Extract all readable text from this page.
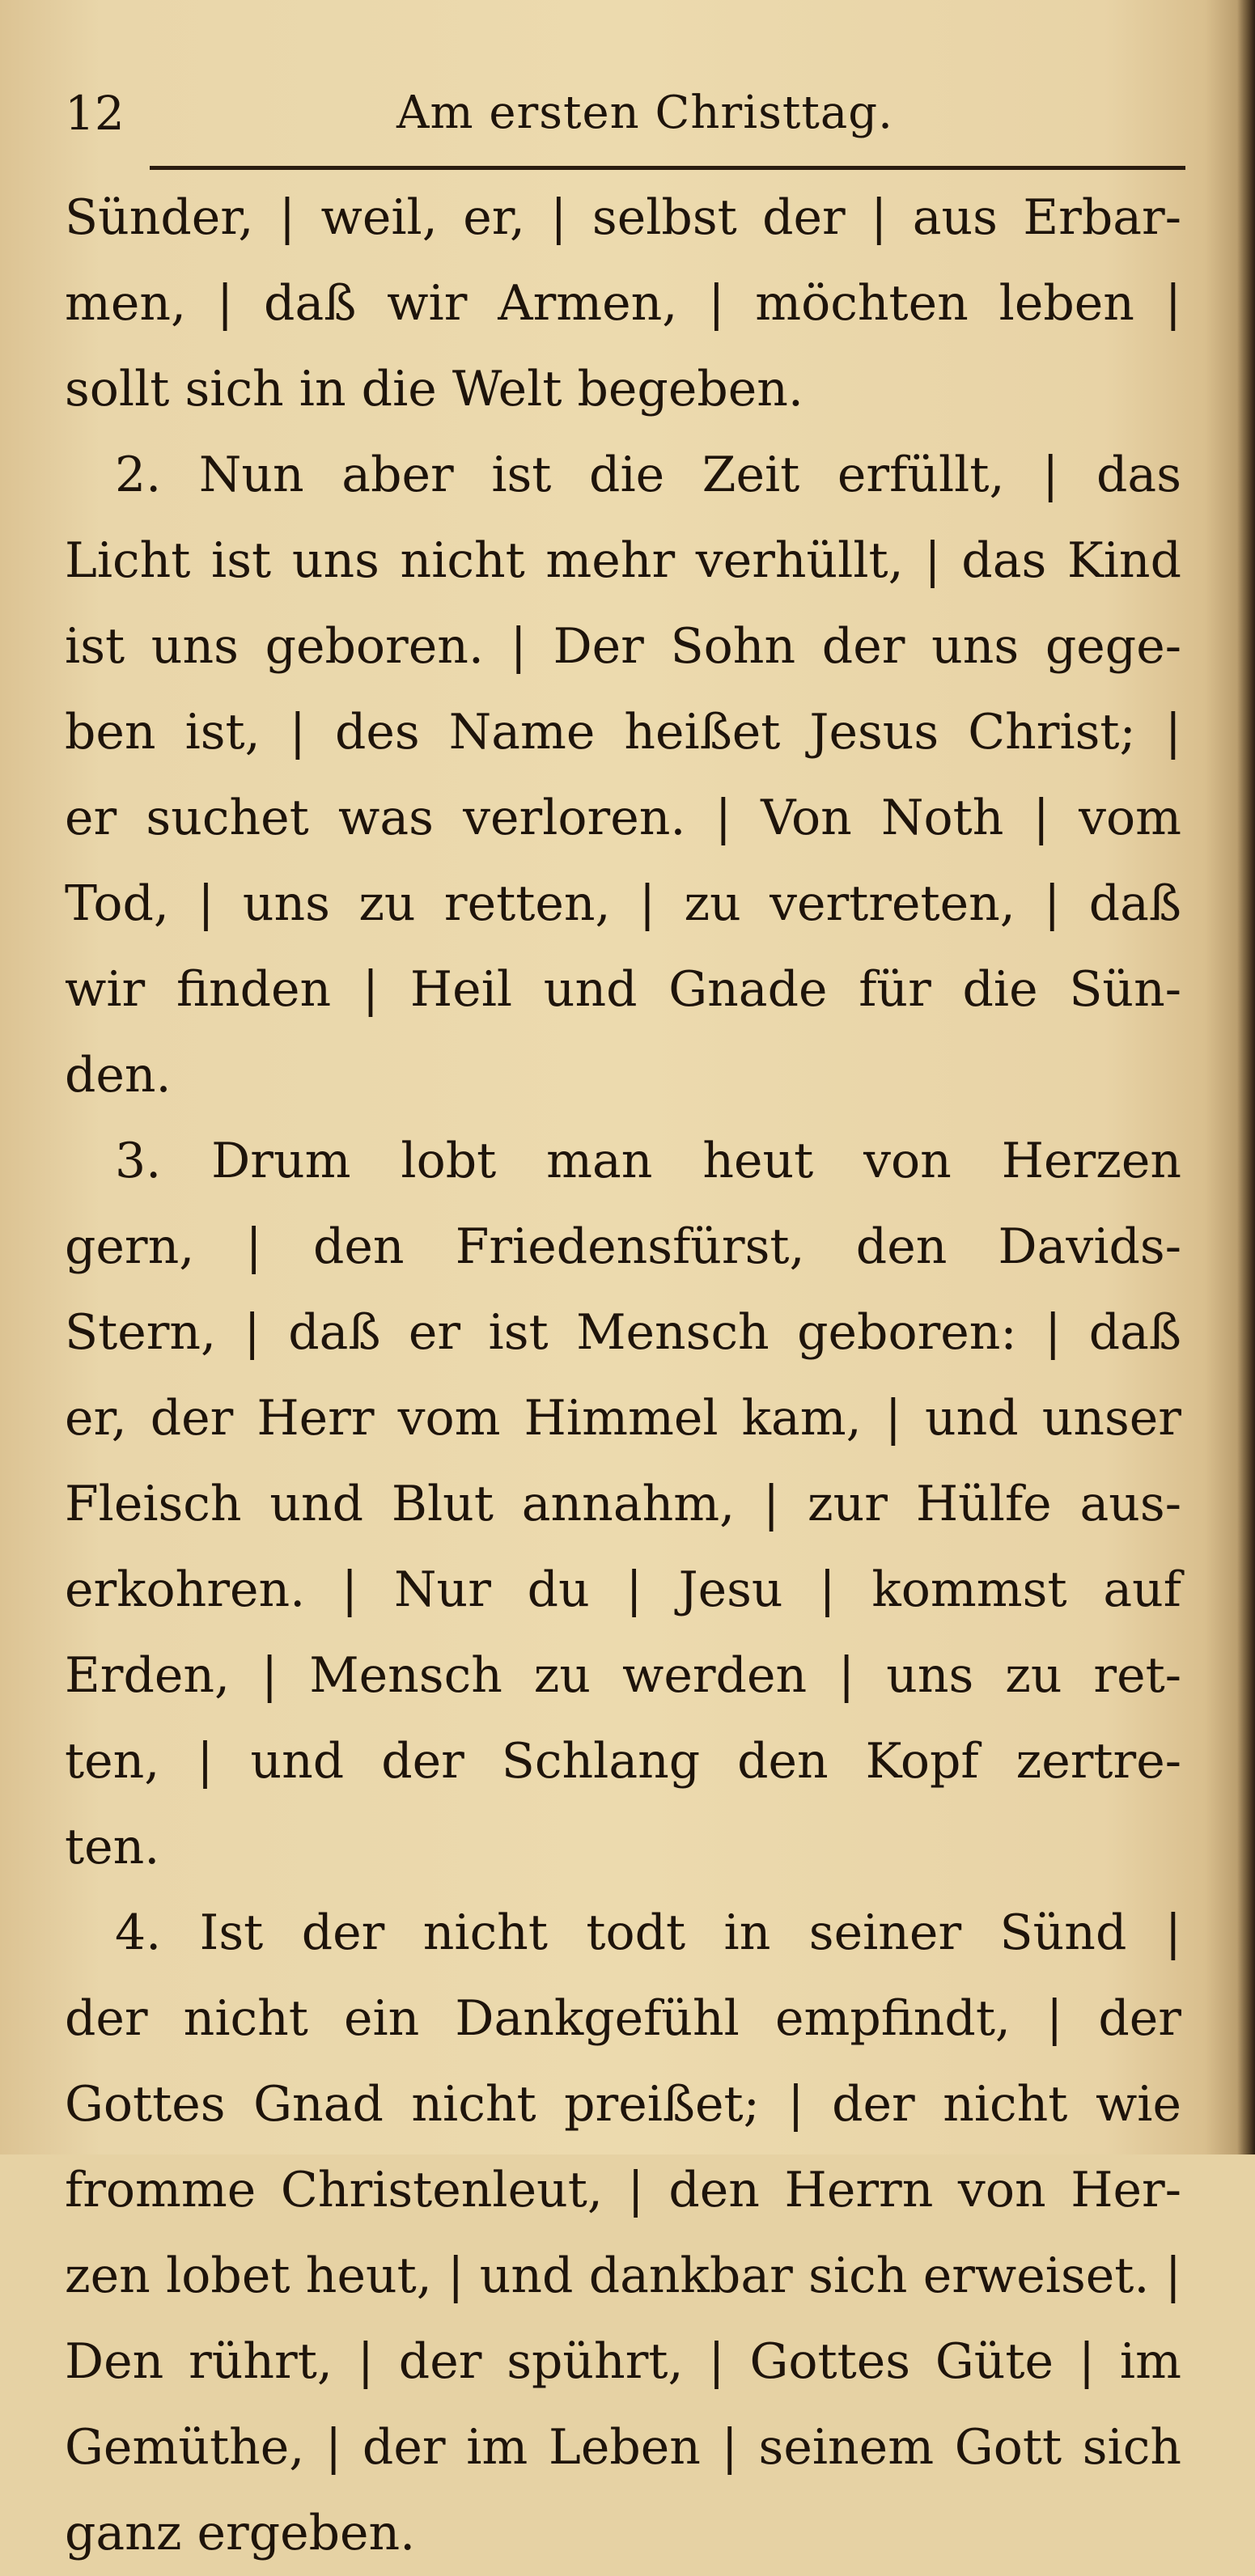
12	Am ersten Christtag.
Sünder, | weil, er, | selbst der | aus Erbar-
men, | daß wir Armen, | möchten leben |
sollt sich in die Welt begeben.
2. Nun aber ist die Zeit erfüllt, | das
Licht ist uns nicht mehr verhüllt, | das Kind
ist uns geboren. | Der Sohn der uns gege-
ben ist, | des Name heißet Jesus Christ; |
er suchet was verloren. | Von Noth | vom
Tod, | uns zu retten, | zu vertreten, | daß
wir finden | Heil und Gnade für die Sün-
den.
3. Drum lobt man heut von Herzen
gern, | den Friedensfürst, den Davids-
Stern, | daß er ist Mensch geboren: | daß
er, der Herr vom Himmel kam, | und unser
Fleisch und Blut annahm, | zur Hülfe aus-
erkohren. | Nur du | Jesu | kommst auf
Erden, | Mensch zu werden | uns zu ret-
ten, | und der Schlang den Kopf zertre-
ten.
4. Ist der nicht todt in seiner Sünd |
der nicht ein Dankgefühl empfindt, | der
Gottes Gnad nicht preißet; | der nicht wie
fromme Christenleut, | den Herrn von Her-
zen lobet heut, | und dankbar sich erweiset. |
Den rührt, | der spührt, | Gottes Güte | im
Gemüthe, | der im Leben | seinem Gott sich
ganz ergeben.
